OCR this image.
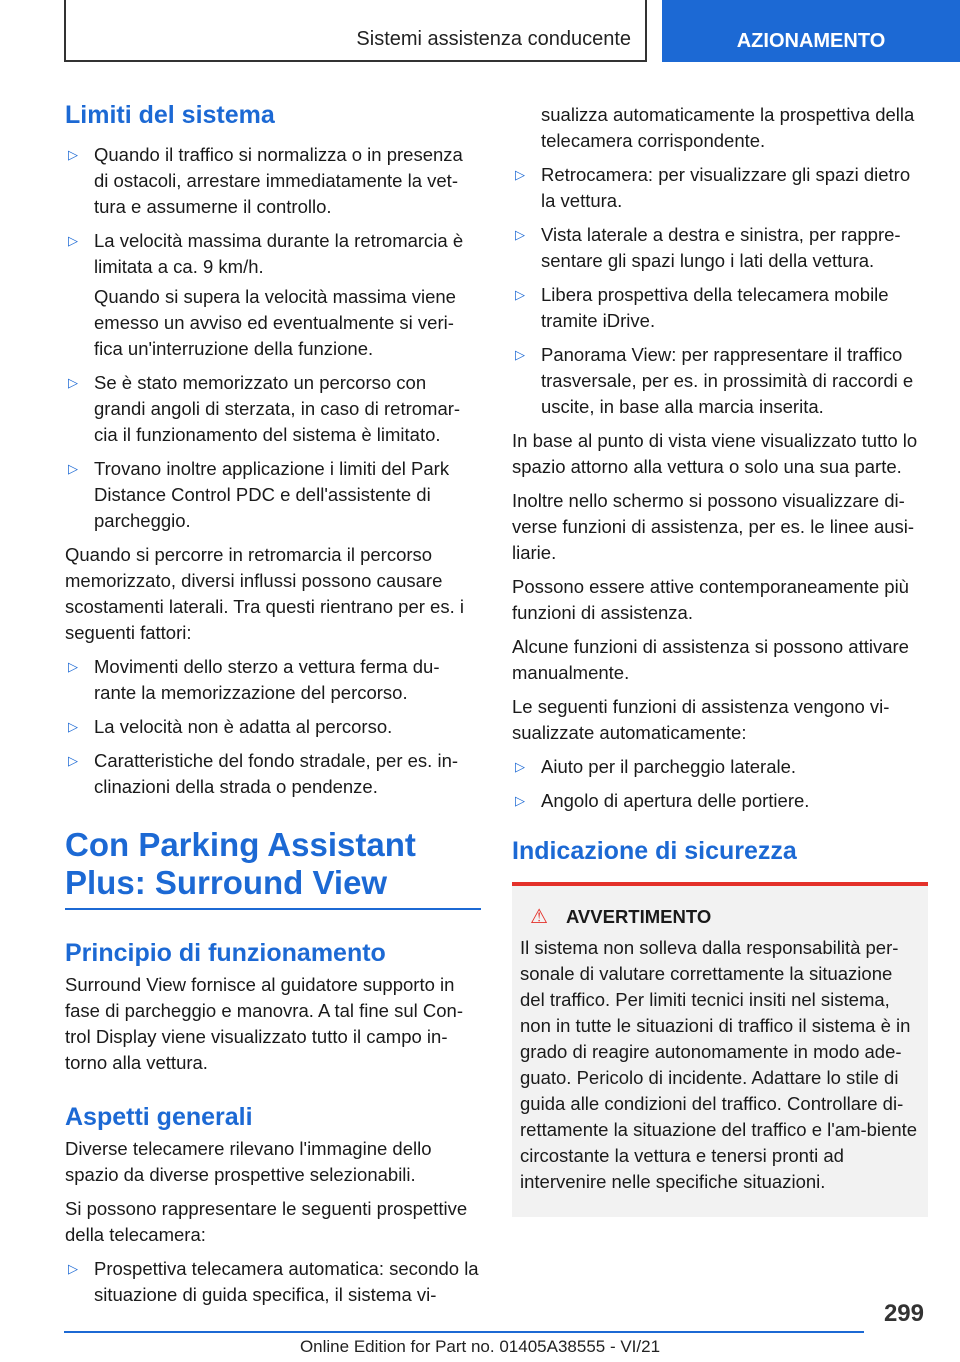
Sistemi assistenza conducente	AZIONAMENTO
Limiti del sistema
▷ Quando il traffico si normalizza o in presenza di ostacoli, arrestare immediatamente la vet-tura e assumerne il controllo.
▷ La velocità massima durante la retromarcia è limitata a ca. 9 km/h.

Quando si supera la velocità massima viene emesso un avviso ed eventualmente si veri-fica un'interruzione della funzione.

▷ Se è stato memorizzato un percorso con grandi angoli di sterzata, in caso di retromar-cia il funzionamento del sistema è limitato.
▷ Trovano inoltre applicazione i limiti del Park Distance Control PDC e dell'assistente di parcheggio.

Quando si percorre in retromarcia il percorso memorizzato, diversi influssi possono causare scostamenti laterali. Tra questi rientrano per es. i seguenti fattori:

▷ Movimenti dello sterzo a vettura ferma du-rante la memorizzazione del percorso.
▷ La velocità non è adatta al percorso.
▷ Caratteristiche del fondo stradale, per es. in-clinazioni della strada o pendenze.
Con Parking Assistant Plus: Surround View
Principio di funzionamento

Surround View fornisce al guidatore supporto in fase di parcheggio e manovra. A tal fine sul Con-trol Display viene visualizzato tutto il campo in-torno alla vettura.

Aspetti generali

Diverse telecamere rilevano l'immagine dello spazio da diverse prospettive selezionabili.

Si possono rappresentare le seguenti prospettive della telecamera:

▷ Prospettiva telecamera automatica: secondo la situazione di guida specifica, il sistema vi-
sualizza automaticamente la prospettiva della telecamera corrispondente.
▷ Retrocamera: per visualizzare gli spazi dietro la vettura.
▷ Vista laterale a destra e sinistra, per rappre-sentare gli spazi lungo i lati della vettura.
▷ Libera prospettiva della telecamera mobile tramite iDrive.
▷ Panorama View: per rappresentare il traffico trasversale, per es. in prossimità di raccordi e uscite, in base alla marcia inserita.

In base al punto di vista viene visualizzato tutto lo spazio attorno alla vettura o solo una sua parte.

Inoltre nello schermo si possono visualizzare di-verse funzioni di assistenza, per es. le linee ausi-liarie.

Possono essere attive contemporaneamente più funzioni di assistenza.

Alcune funzioni di assistenza si possono attivare manualmente.

Le seguenti funzioni di assistenza vengono vi-sualizzate automaticamente:

▷ Aiuto per il parcheggio laterale.
▷ Angolo di apertura delle portiere.
Indicazione di sicurezza
⚠ AVVERTIMENTO

Il sistema non solleva dalla responsabilità per-sonale di valutare correttamente la situazione del traffico. Per limiti tecnici insiti nel sistema, non in tutte le situazioni di traffico il sistema è in grado di reagire autonomamente in modo ade-guato. Pericolo di incidente. Adattare lo stile di guida alle condizioni del traffico. Controllare di-rettamente la situazione del traffico e l'am-biente circostante la vettura e tenersi pronti ad intervenire nelle specifiche situazioni.

299
Online Edition for Part no. 01405A38555 - VI/21
